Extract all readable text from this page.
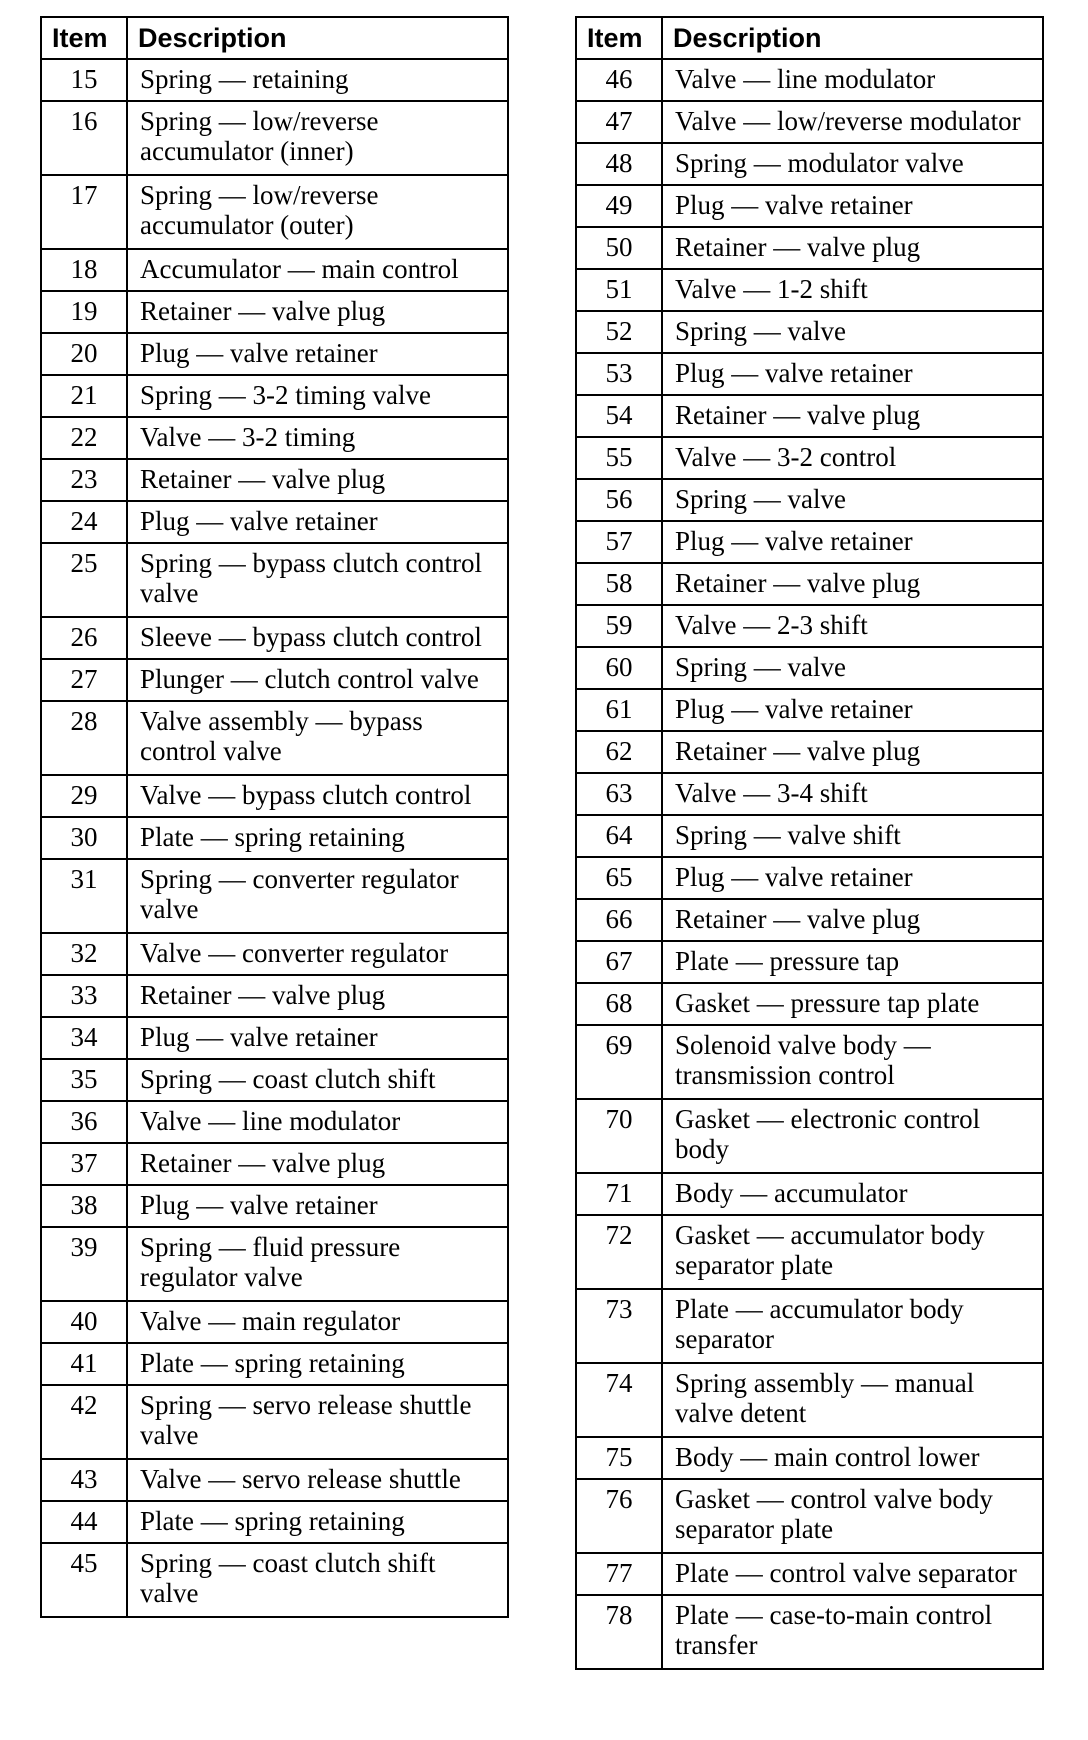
Item	Description
15	Spring — retaining
16	Spring — low/reverse accumulator (inner)
17	Spring — low/reverse accumulator (outer)
18	Accumulator — main control
19	Retainer — valve plug
20	Plug — valve retainer
21	Spring — 3-2 timing valve
22	Valve — 3-2 timing
23	Retainer — valve plug
24	Plug — valve retainer
25	Spring — bypass clutch control valve
26	Sleeve — bypass clutch control
27	Plunger — clutch control valve
28	Valve assembly — bypass control valve
29	Valve — bypass clutch control
30	Plate — spring retaining
31	Spring — converter regulator valve
32	Valve — converter regulator
33	Retainer — valve plug
34	Plug — valve retainer
35	Spring — coast clutch shift
36	Valve — line modulator
37	Retainer — valve plug
38	Plug — valve retainer
39	Spring — fluid pressure regulator valve
40	Valve — main regulator
41	Plate — spring retaining
42	Spring — servo release shuttle valve
43	Valve — servo release shuttle
44	Plate — spring retaining
45	Spring — coast clutch shift valve
Item	Description
46	Valve — line modulator
47	Valve — low/reverse modulator
48	Spring — modulator valve
49	Plug — valve retainer
50	Retainer — valve plug
51	Valve — 1-2 shift
52	Spring — valve
53	Plug — valve retainer
54	Retainer — valve plug
55	Valve — 3-2 control
56	Spring — valve
57	Plug — valve retainer
58	Retainer — valve plug
59	Valve — 2-3 shift
60	Spring — valve
61	Plug — valve retainer
62	Retainer — valve plug
63	Valve — 3-4 shift
64	Spring — valve shift
65	Plug — valve retainer
66	Retainer — valve plug
67	Plate — pressure tap
68	Gasket — pressure tap plate
69	Solenoid valve body — transmission control
70	Gasket — electronic control body
71	Body — accumulator
72	Gasket — accumulator body separator plate
73	Plate — accumulator body separator
74	Spring assembly — manual valve detent
75	Body — main control lower
76	Gasket — control valve body separator plate
77	Plate — control valve separator
78	Plate — case-to-main control transfer
